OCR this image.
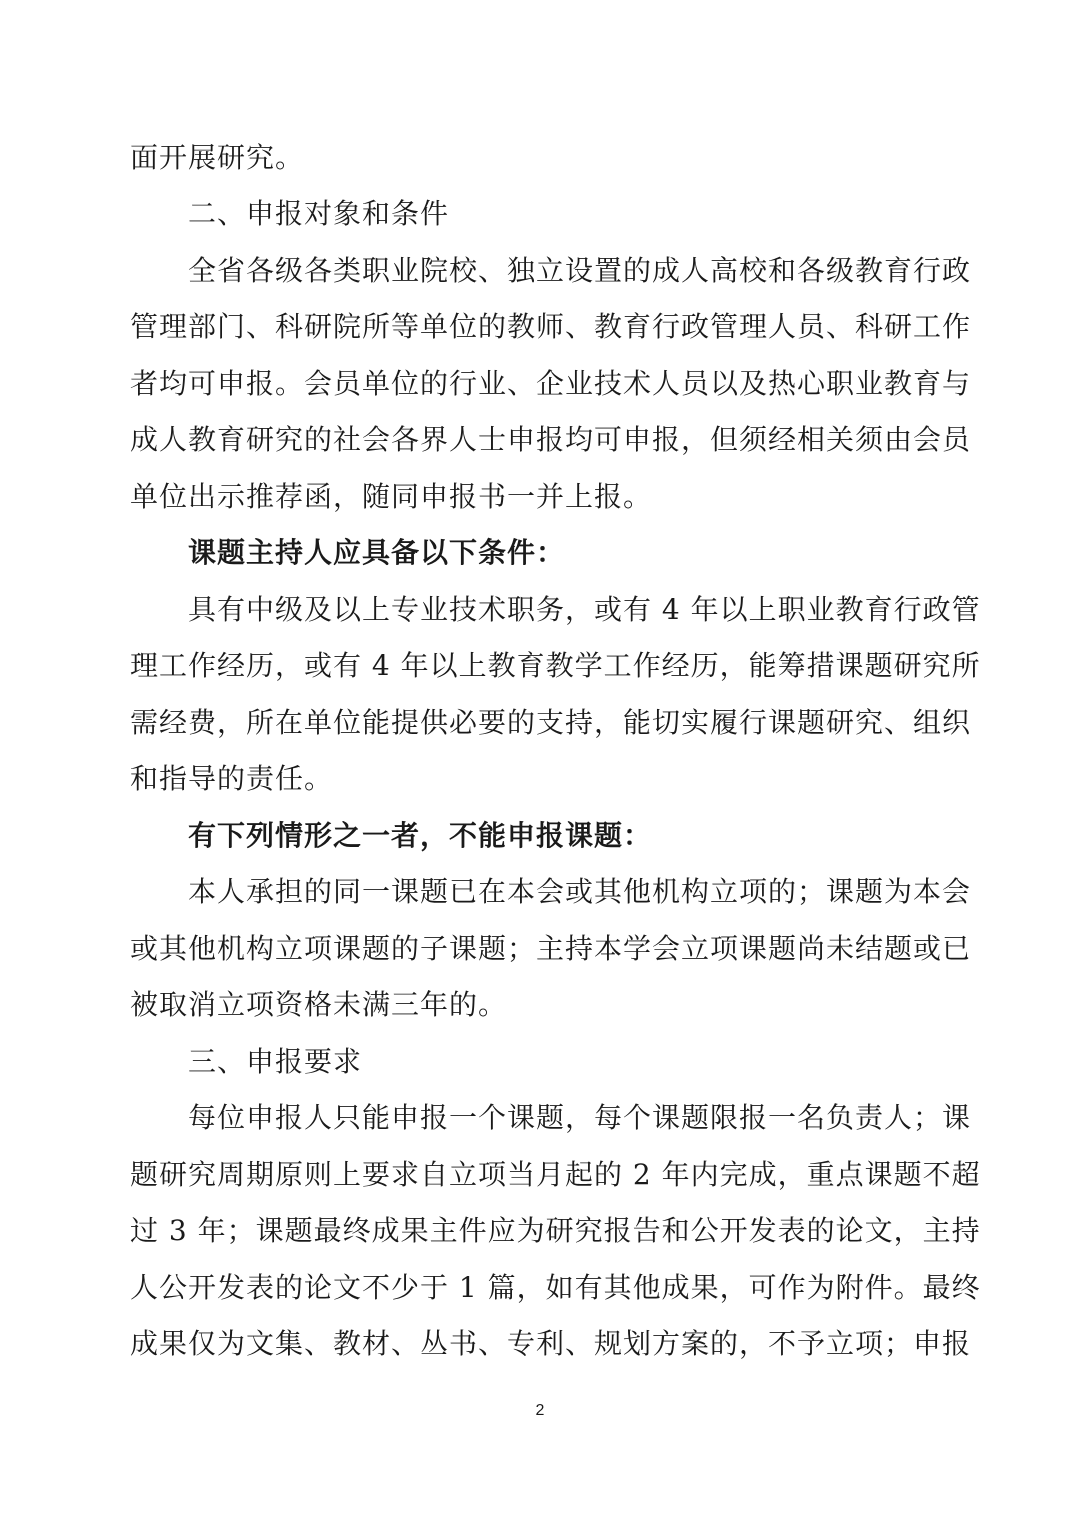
面开展研究。
二、申报对象和条件
全省各级各类职业院校、独立设置的成人高校和各级教育行政
管理部门、科研院所等单位的教师、教育行政管理人员、科研工作
者均可申报。会员单位的行业、企业技术人员以及热心职业教育与
成人教育研究的社会各界人士申报均可申报，但须经相关须由会员
单位出示推荐函，随同申报书一并上报。
课题主持人应具备以下条件：
具有中级及以上专业技术职务，或有 4 年以上职业教育行政管
理工作经历，或有 4 年以上教育教学工作经历，能筹措课题研究所
需经费，所在单位能提供必要的支持，能切实履行课题研究、组织
和指导的责任。
有下列情形之一者，不能申报课题：
本人承担的同一课题已在本会或其他机构立项的；课题为本会
或其他机构立项课题的子课题；主持本学会立项课题尚未结题或已
被取消立项资格未满三年的。
三、申报要求
每位申报人只能申报一个课题，每个课题限报一名负责人；课
题研究周期原则上要求自立项当月起的 2 年内完成，重点课题不超
过 3 年；课题最终成果主件应为研究报告和公开发表的论文，主持
人公开发表的论文不少于 1 篇，如有其他成果，可作为附件。最终
成果仅为文集、教材、丛书、专利、规划方案的，不予立项；申报
2
